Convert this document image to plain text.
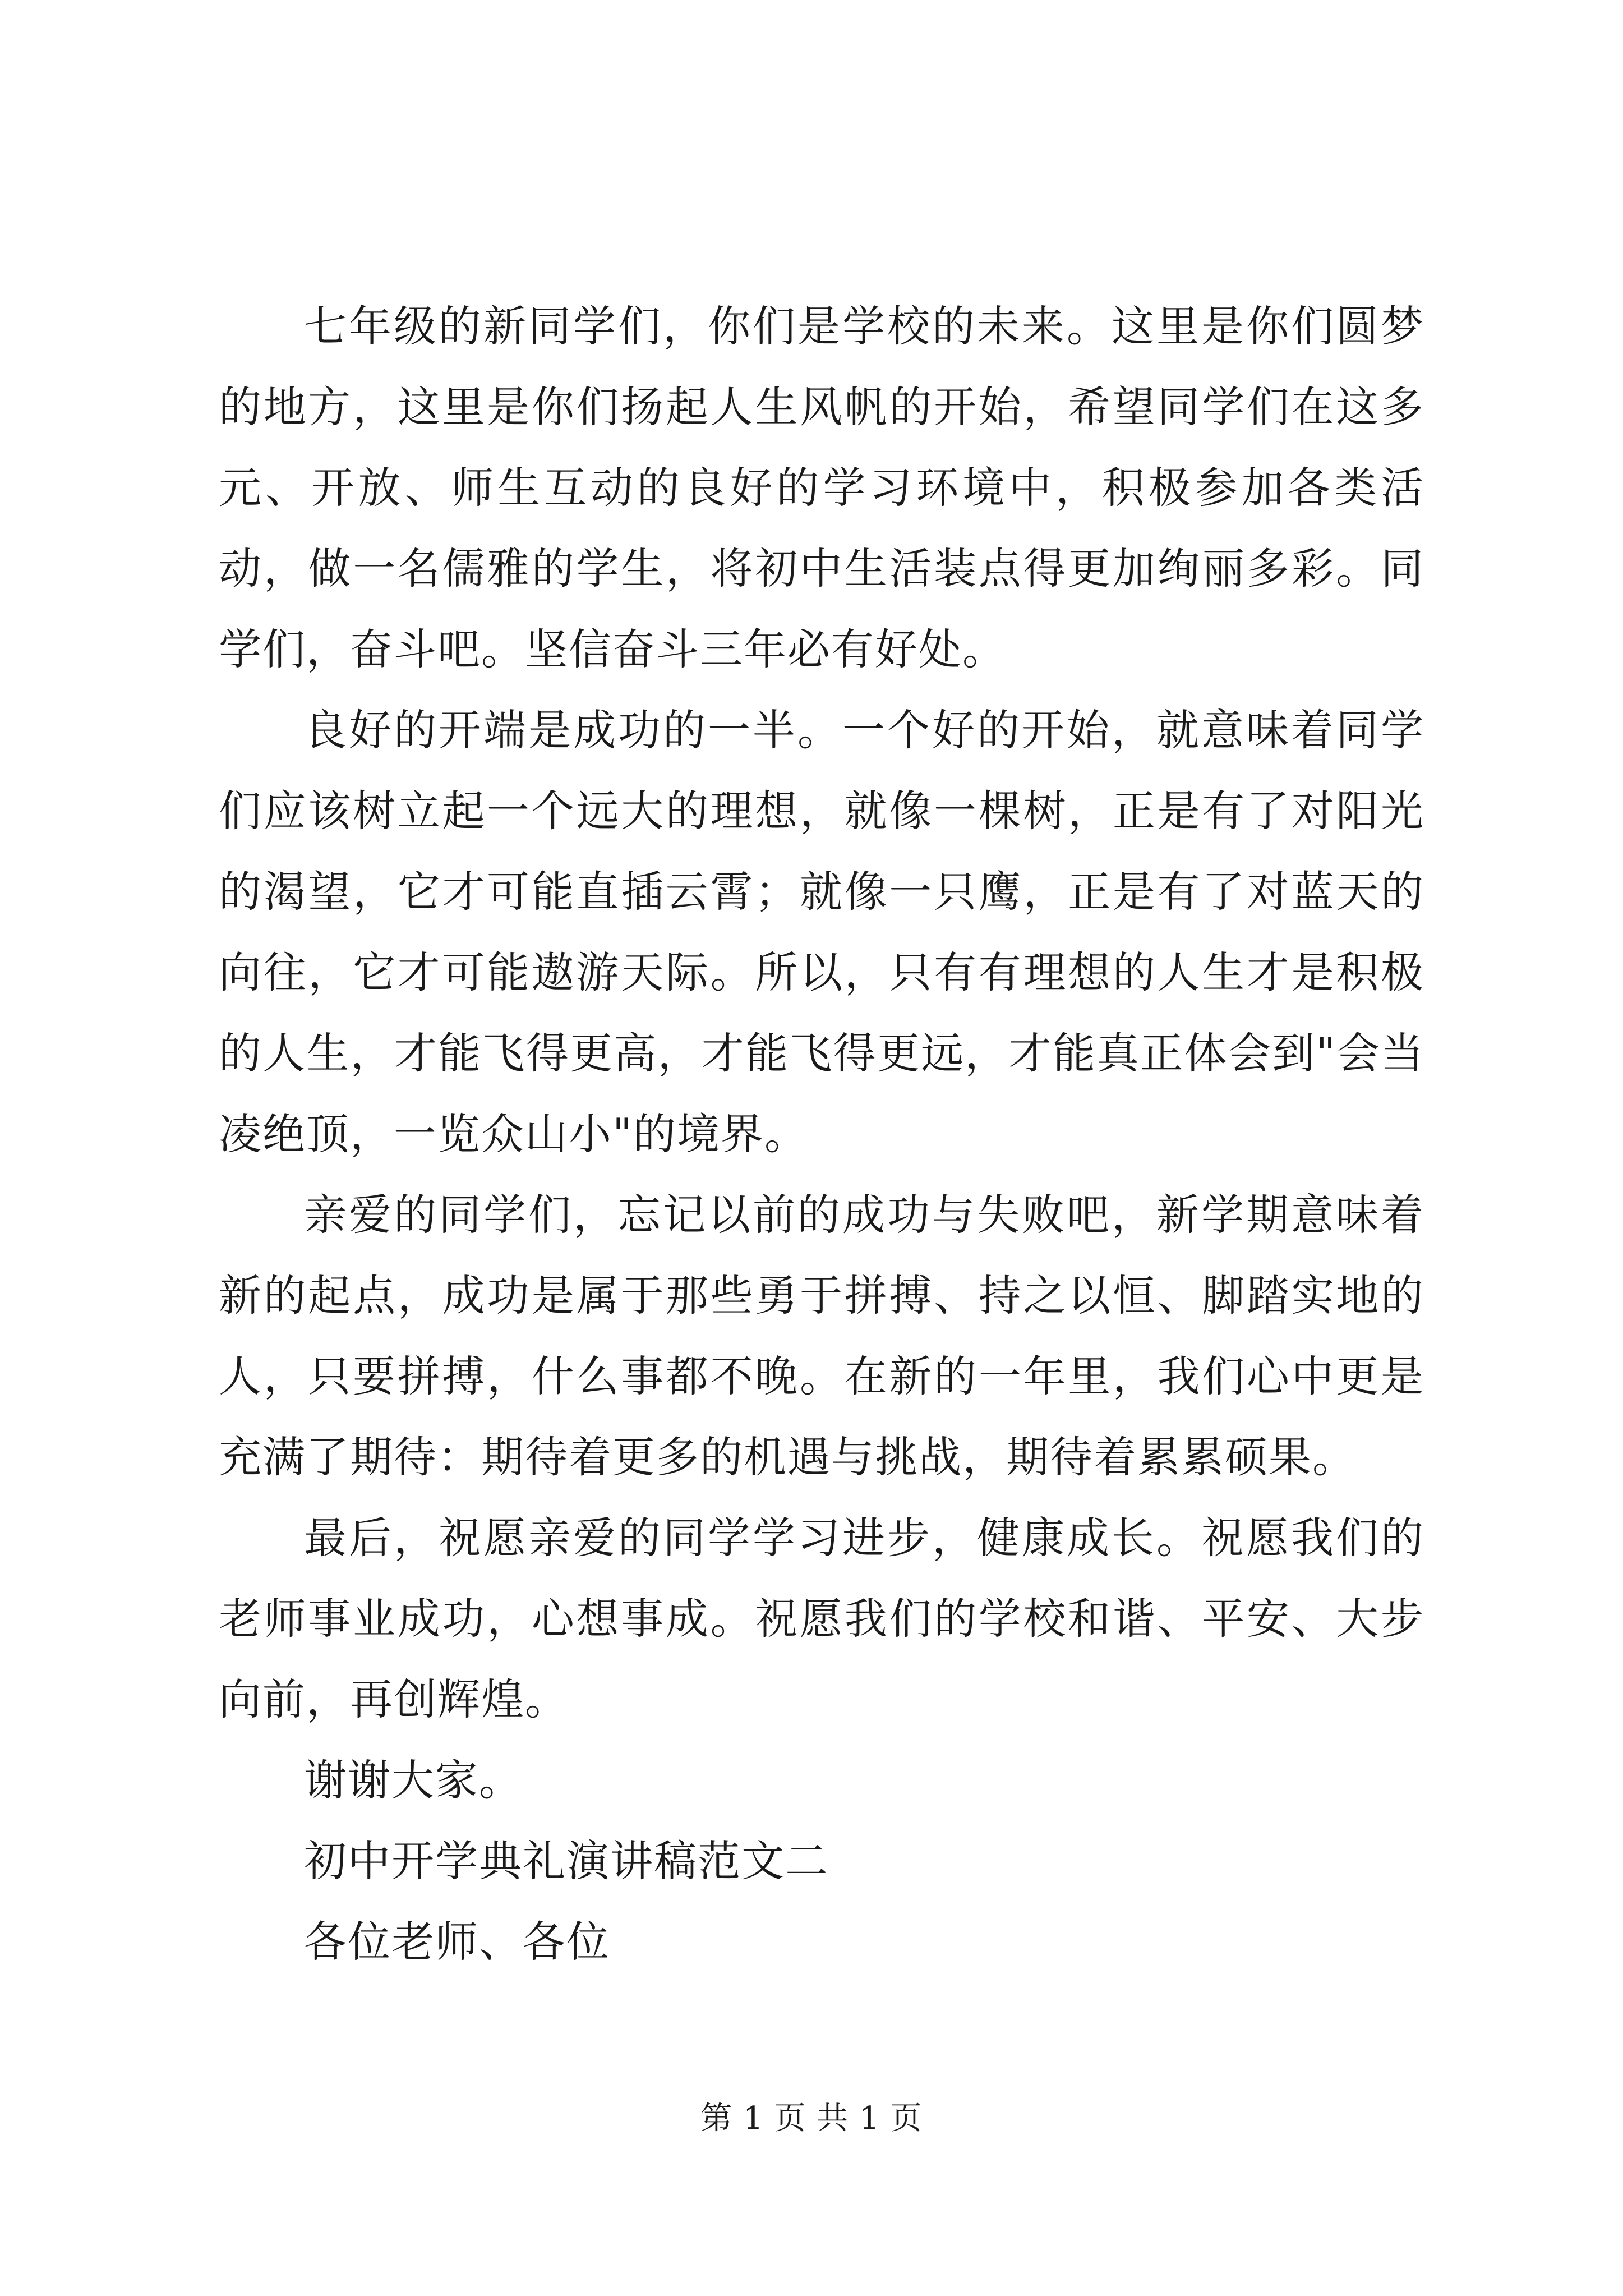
七年级的新同学们，你们是学校的未来。这里是你们圆梦的地方，这里是你们扬起人生风帆的开始，希望同学们在这多元、开放、师生互动的良好的学习环境中，积极参加各类活动，做一名儒雅的学生，将初中生活装点得更加绚丽多彩。同学们，奋斗吧。坚信奋斗三年必有好处。

良好的开端是成功的一半。一个好的开始，就意味着同学们应该树立起一个远大的理想，就像一棵树，正是有了对阳光的渴望，它才可能直插云霄；就像一只鹰，正是有了对蓝天的向往，它才可能遨游天际。所以，只有有理想的人生才是积极的人生，才能飞得更高，才能飞得更远，才能真正体会到"会当凌绝顶，一览众山小"的境界。

亲爱的同学们，忘记以前的成功与失败吧，新学期意味着新的起点，成功是属于那些勇于拼搏、持之以恒、脚踏实地的人，只要拼搏，什么事都不晚。在新的一年里，我们心中更是充满了期待：期待着更多的机遇与挑战，期待着累累硕果。

最后，祝愿亲爱的同学学习进步，健康成长。祝愿我们的老师事业成功，心想事成。祝愿我们的学校和谐、平安、大步向前，再创辉煌。

谢谢大家。

初中开学典礼演讲稿范文二

各位老师、各位

第 1 页 共 1 页
